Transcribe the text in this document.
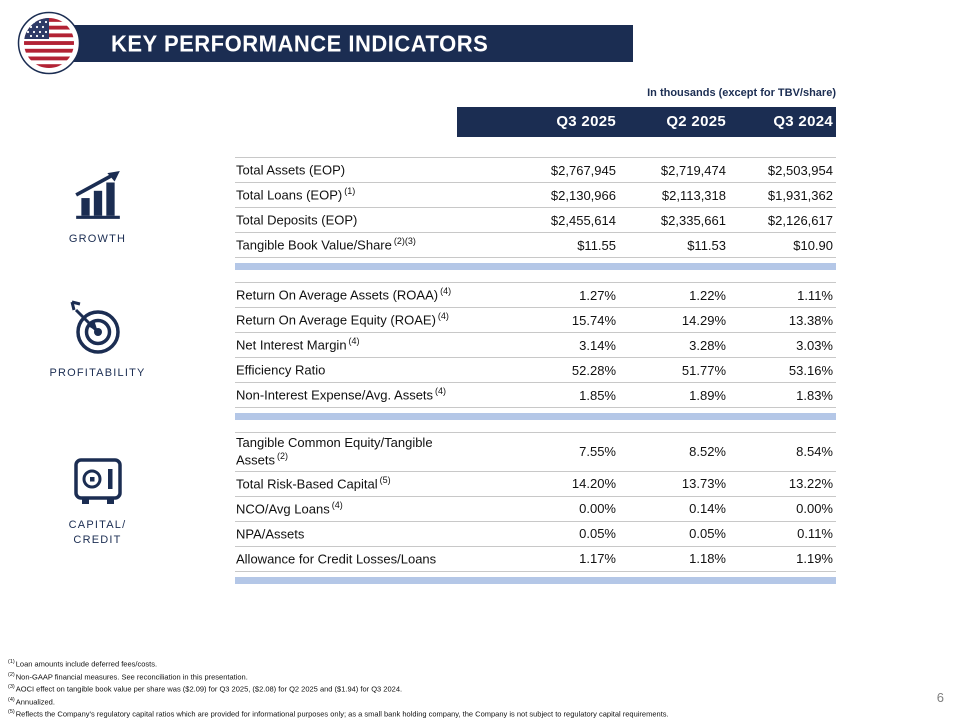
KEY PERFORMANCE INDICATORS
In thousands (except for TBV/share)
Q3 2025	Q2 2025	Q3 2024
GROWTH
PROFITABILITY
CAPITAL/
CREDIT
Total Assets (EOP)	$2,767,945	$2,719,474	$2,503,954
Total Loans (EOP) $^{(1)}$	$2,130,966	$2,113,318	$1,931,362
Total Deposits (EOP)	$2,455,614	$2,335,661	$2,126,617
Tangible Book Value/Share $^{(2)(3)}$	$11.55	$11.53	$10.90
Return On Average Assets (ROAA) $^{(4)}$	1.27%	1.22%	1.11%
Return On Average Equity (ROAE) $^{(4)}$	15.74%	14.29%	13.38%
Net Interest Margin $^{(4)}$	3.14%	3.28%	3.03%
Efficiency Ratio	52.28%	51.77%	53.16%
Non-Interest Expense/Avg. Assets $^{(4)}$	1.85%	1.89%	1.83%
Tangible Common Equity/Tangible Assets $^{(2)}$	7.55%	8.52%	8.54%
Total Risk-Based Capital $^{(5)}$	14.20%	13.73%	13.22%
NCO/Avg Loans $^{(4)}$	0.00%	0.14%	0.00%
NPA/Assets	0.05%	0.05%	0.11%
Allowance for Credit Losses/Loans	1.17%	1.18%	1.19%
$^{(1)}$Loan amounts include deferred fees/costs.
$^{(2)}$Non-GAAP financial measures. See reconciliation in this presentation.
$^{(3)}$AOCI effect on tangible book value per share was ($2.09) for Q3 2025, ($2.08) for Q2 2025 and ($1.94) for Q3 2024.
$^{(4)}$Annualized.
$^{(5)}$Reflects the Company's regulatory capital ratios which are provided for informational purposes only; as a small bank holding company, the Company is not subject to regulatory capital requirements.
6
